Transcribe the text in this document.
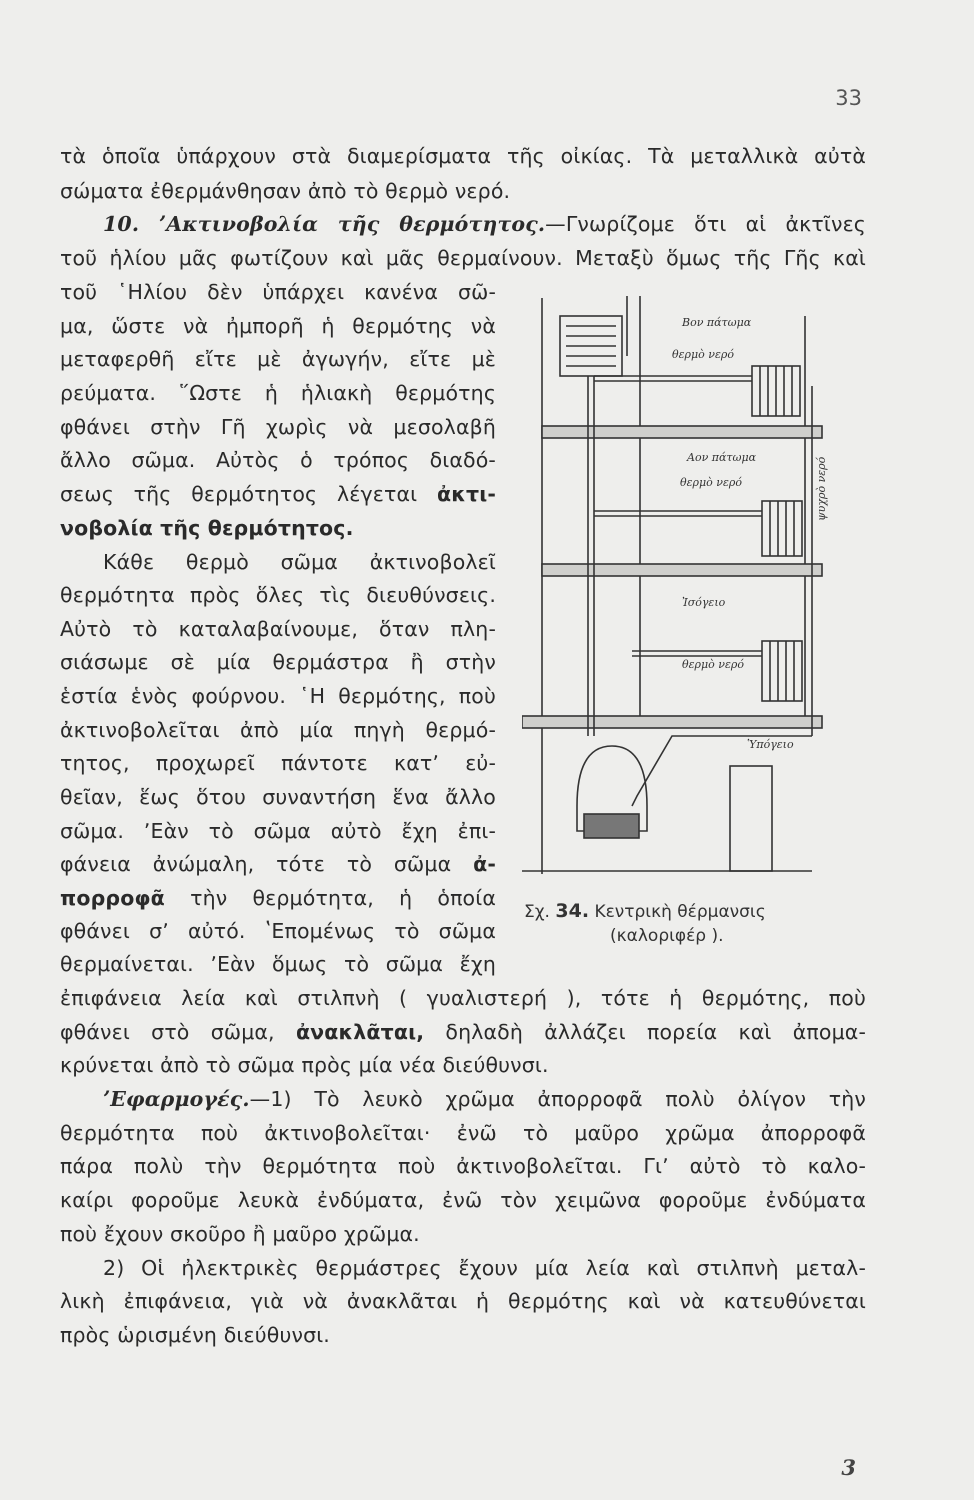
33
τὰ ὁποῖα ὑπάρχουν στὰ διαμερίσματα τῆς οἰκίας. Τὰ μεταλλικὰ αὐτὰ
σώματα ἐθερμάνθησαν ἀπὸ τὸ θερμὸ νερό.
10. ʼΑκτινοβολία τῆς θερμότητος.—Γνωρίζομε ὅτι αἱ ἀκτῖνες
τοῦ ἡλίου μᾶς φωτίζουν καὶ μᾶς θερμαίνουν. Μεταξὺ ὅμως τῆς Γῆς καὶ
τοῦ ῾Ηλίου δὲν ὑπάρχει κανένα σῶ-
μα, ὥστε νὰ ἠμπορῆ ἡ θερμότης νὰ
μεταφερθῆ εἴτε μὲ ἀγωγήν, εἴτε μὲ
ρεύματα. ῞Ωστε ἡ ἡλιακὴ θερμότης
φθάνει στὴν Γῆ χωρὶς νὰ μεσολαβῆ
ἄλλο σῶμα. Αὐτὸς ὁ τρόπος διαδό-
σεως τῆς θερμότητος λέγεται ἀκτι-
νοβολία τῆς θερμότητος.
Κάθε θερμὸ σῶμα ἀκτινοβολεῖ
θερμότητα πρὸς ὅλες τὶς διευθύνσεις.
Αὐτὸ τὸ καταλαβαίνουμε, ὅταν πλη-
σιάσωμε σὲ μία θερμάστρα ἢ στὴν
ἑστία ἑνὸς φούρνου. ῾Η θερμότης, ποὺ
ἀκτινοβολεῖται ἀπὸ μία πηγὴ θερμό-
τητος, προχωρεῖ πάντοτε κατʼ εὐ-
θεῖαν, ἕως ὅτου συναντήση ἕνα ἄλλο
σῶμα. ʼΕὰν τὸ σῶμα αὐτὸ ἔχη ἐπι-
φάνεια ἀνώμαλη, τότε τὸ σῶμα ἀ-
πορροφᾶ τὴν θερμότητα, ἡ ὁποία
φθάνει σʼ αὐτό. ʽΕπομένως τὸ σῶμα
θερμαίνεται. ʼΕὰν ὅμως τὸ σῶμα ἔχη
ἐπιφάνεια λεία καὶ στιλπνὴ ( γυαλιστερή ), τότε ἡ θερμότης, ποὺ
φθάνει στὸ σῶμα, ἀνακλᾶται, δηλαδὴ ἀλλάζει πορεία καὶ ἀπομα-
κρύνεται ἀπὸ τὸ σῶμα πρὸς μία νέα διεύθυνσι.
ʼΕφαρμογές.—1) Τὸ λευκὸ χρῶμα ἀπορροφᾶ πολὺ ὀλίγον τὴν
θερμότητα ποὺ ἀκτινοβολεῖται· ἐνῶ τὸ μαῦρο χρῶμα ἀπορροφᾶ
πάρα πολὺ τὴν θερμότητα ποὺ ἀκτινοβολεῖται. Γιʼ αὐτὸ τὸ καλο-
καίρι φοροῦμε λευκὰ ἐνδύματα, ἐνῶ τὸν χειμῶνα φοροῦμε ἐνδύματα
ποὺ ἔχουν σκοῦρο ἢ μαῦρο χρῶμα.
2) Οἱ ἠλεκτρικὲς θερμάστρες ἔχουν μία λεία καὶ στιλπνὴ μεταλ-
λικὴ ἐπιφάνεια, γιὰ νὰ ἀνακλᾶται ἡ θερμότης καὶ νὰ κατευθύνεται
πρὸς ὡρισμένη διεύθυνσι.
Βον πάτωμα
θερμὸ νερό
Αον πάτωμα
θερμὸ νερό
Ἰσόγειο
θερμὸ νερό
Ὑπόγειο
ψυχρὸ νερό
Σχ. 34. Κεντρικὴ θέρμανσις
(καλοριφέρ ).
3
